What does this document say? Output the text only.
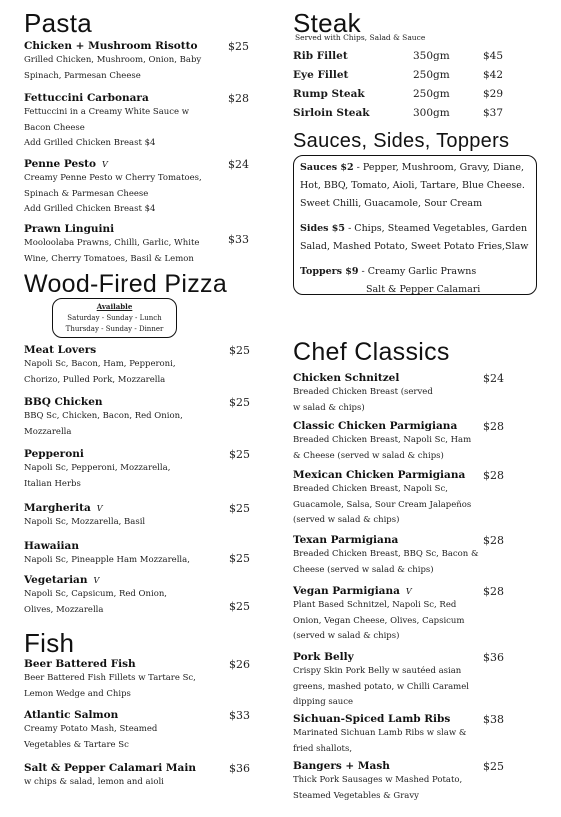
Pasta
Chicken + Mushroom Risotto
Grilled Chicken, Mushroom, Onion, Baby
Spinach, Parmesan Cheese
$25
Fettuccini Carbonara
Fettuccini in a Creamy White Sauce w
Bacon Cheese
Add Grilled Chicken Breast $4
$28
Penne Pesto V
Creamy Penne Pesto w Cherry Tomatoes,
Spinach & Parmesan Cheese
Add Grilled Chicken Breast $4
$24
Prawn Linguini
Mooloolaba Prawns, Chilli, Garlic, White
Wine, Cherry Tomatoes, Basil & Lemon
$33
Wood-Fired Pizza
Available
Saturday - Sunday - Lunch
Thursday - Sunday - Dinner
Meat Lovers
Napoli Sc, Bacon, Ham, Pepperoni,
Chorizo, Pulled Pork, Mozzarella
$25
BBQ Chicken
BBQ Sc, Chicken, Bacon, Red Onion,
Mozzarella
$25
Pepperoni
Napoli Sc, Pepperoni, Mozzarella,
Italian Herbs
$25
Margherita V
Napoli Sc, Mozzarella, Basil
$25
Hawaiian
Napoli Sc, Pineapple Ham Mozzarella,	$25
Vegetarian V
Napoli Sc, Capsicum, Red Onion,
Olives, Mozzarella	$25
Fish
Beer Battered Fish
Beer Battered Fish Fillets w Tartare Sc,
Lemon Wedge and Chips
$26
Atlantic Salmon
Creamy Potato Mash, Steamed
Vegetables & Tartare Sc
$33
Salt & Pepper Calamari Main
w chips & salad, lemon and aioli
$36
Steak
Served with Chips, Salad & Sauce
Rib Fillet	350gm	$45
Eye Fillet	250gm	$42
Rump Steak	250gm	$29
Sirloin Steak	300gm	$37
Sauces, Sides, Toppers
Sauces $2 - Pepper, Mushroom, Gravy, Diane, Hot, BBQ, Tomato, Aioli, Tartare, Blue Cheese. Sweet Chilli, Guacamole, Sour Cream
Sides $5 - Chips, Steamed Vegetables, Garden Salad, Mashed Potato, Sweet Potato Fries,Slaw
Toppers $9 - Creamy Garlic Prawns
Salt & Pepper Calamari
Chef Classics
Chicken Schnitzel
Breaded Chicken Breast (served
w salad & chips)
$24
Classic Chicken Parmigiana
Breaded Chicken Breast, Napoli Sc, Ham
& Cheese (served w salad & chips)
$28
Mexican Chicken Parmigiana
Breaded Chicken Breast, Napoli Sc,
Guacamole, Salsa, Sour Cream Jalapeños
(served w salad & chips)
$28
Texan Parmigiana
Breaded Chicken Breast, BBQ Sc, Bacon &
Cheese (served w salad & chips)
$28
Vegan Parmigiana V
Plant Based Schnitzel, Napoli Sc, Red
Onion, Vegan Cheese, Olives, Capsicum
(served w salad & chips)
$28
Pork Belly
Crispy Skin Pork Belly w sautéed asian
greens, mashed potato, w Chilli Caramel
dipping sauce
$36
Sichuan-Spiced Lamb Ribs
Marinated Sichuan Lamb Ribs w slaw &
fried shallots,
$38
Bangers + Mash
Thick Pork Sausages w Mashed Potato,
Steamed Vegetables & Gravy
$25
